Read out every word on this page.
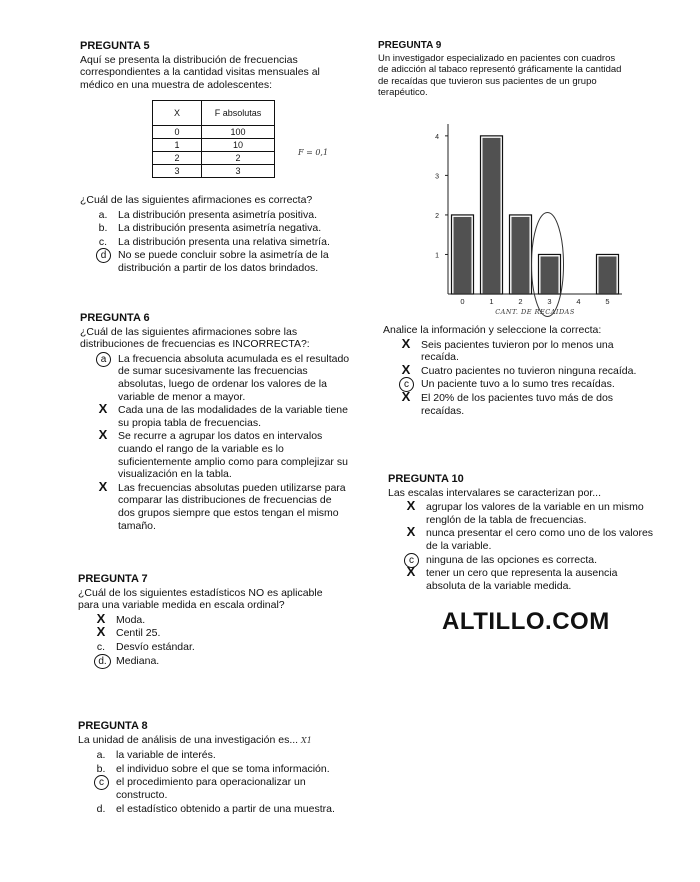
PREGUNTA 5

Aquí se presenta la distribución de frecuencias correspondientes a la cantidad visitas mensuales al médico en una muestra de adolescentes:

X	F absolutas
0	100
1	10
2	2
3	3
F = 0,1

¿Cuál de las siguientes afirmaciones es correcta?

a.	La distribución presenta asimetría positiva.
b.	La distribución presenta asimetría negativa.
c.	La distribución presenta una relativa simetría.
d	No se puede concluir sobre la asimetría de la distribución a partir de los datos brindados.
PREGUNTA 6

¿Cuál de las siguientes afirmaciones sobre las distribuciones de frecuencias es INCORRECTA?:

a	La frecuencia absoluta acumulada es el resultado de sumar sucesivamente las frecuencias absolutas, luego de ordenar los valores de la variable de menor a mayor.
X	Cada una de las modalidades de la variable tiene su propia tabla de frecuencias.
X	Se recurre a agrupar los datos en intervalos cuando el rango de la variable es lo suficientemente amplio como para complejizar su visualización en la tabla.
X	Las frecuencias absolutas pueden utilizarse para comparar las distribuciones de frecuencias de dos grupos siempre que estos tengan el mismo tamaño.
PREGUNTA 7

¿Cuál de los siguientes estadísticos NO es aplicable para una variable medida en escala ordinal?

X	Moda.
X	Centil 25.
c.	Desvío estándar.
d. Mediana.
PREGUNTA 8

La unidad de análisis de una investigación es... X1

a.	la variable de interés.
b.	el individuo sobre el que se toma información.
c	el procedimiento para operacionalizar un constructo.
d.	el estadístico obtenido a partir de una muestra.
PREGUNTA 9

Un investigador especializado en pacientes con cuadros de adicción al tabaco representó gráficamente la cantidad de recaídas que tuvieron sus pacientes de un grupo terapéutico.

1
2
3
4
0	1	2	3	4	5
CANT. DE RECAIDAS

Analice la información y seleccione la correcta:

X	Seis pacientes tuvieron por lo menos una recaída.
X	Cuatro pacientes no tuvieron ninguna recaída.
c	Un paciente tuvo a lo sumo tres recaídas.
X	El 20% de los pacientes tuvo más de dos recaídas.
PREGUNTA 10

Las escalas intervalares se caracterizan por...

X	agrupar los valores de la variable en un mismo renglón de la tabla de frecuencias.
X	nunca presentar el cero como uno de los valores de la variable.
c	ninguna de las opciones es correcta.
X	tener un cero que representa la ausencia absoluta de la variable medida.
ALTILLO.COM
